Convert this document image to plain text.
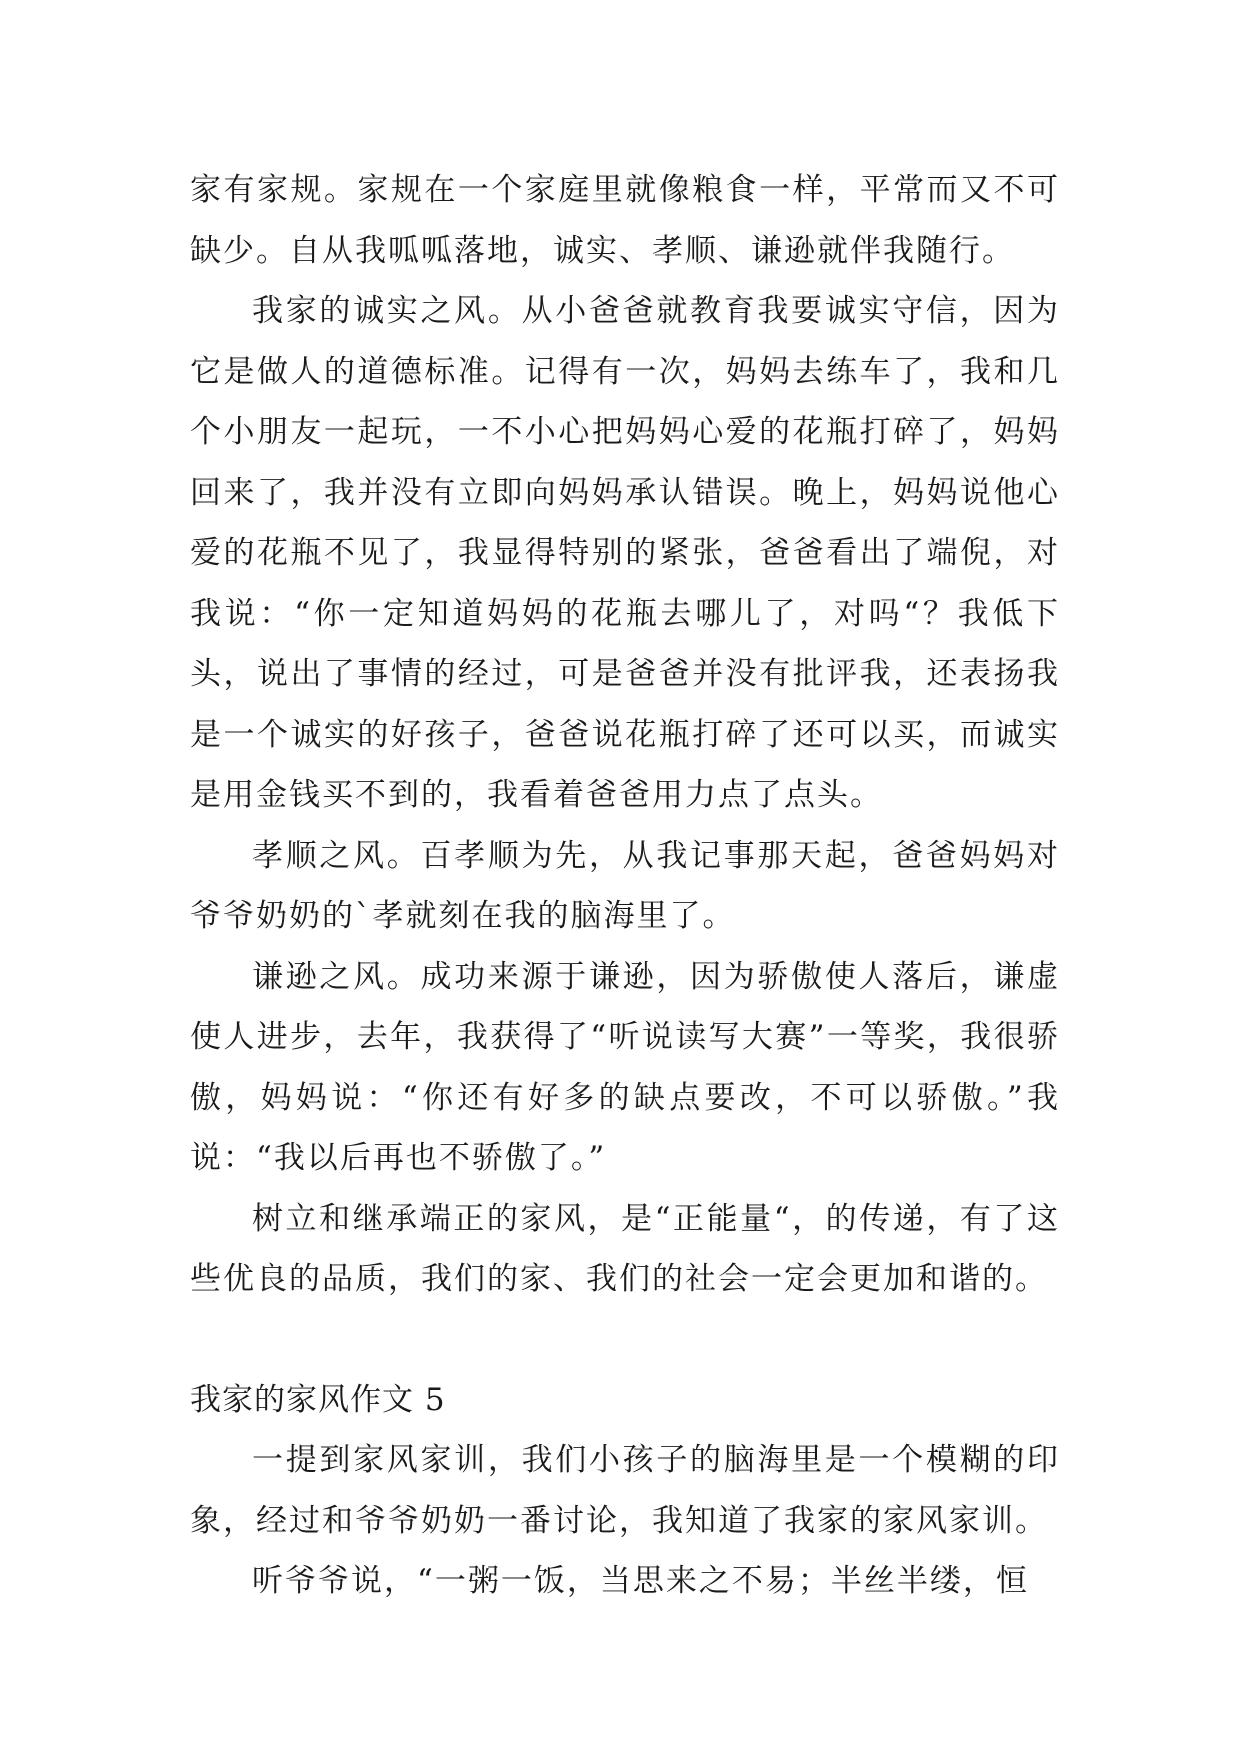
家有家规。家规在一个家庭里就像粮食一样，平常而又不可缺少。自从我呱呱落地，诚实、孝顺、谦逊就伴我随行。

我家的诚实之风。从小爸爸就教育我要诚实守信，因为它是做人的道德标准。记得有一次，妈妈去练车了，我和几个小朋友一起玩，一不小心把妈妈心爱的花瓶打碎了，妈妈回来了，我并没有立即向妈妈承认错误。晚上，妈妈说他心爱的花瓶不见了，我显得特别的紧张，爸爸看出了端倪，对我说：“你一定知道妈妈的花瓶去哪儿了，对吗“？我低下头，说出了事情的经过，可是爸爸并没有批评我，还表扬我是一个诚实的好孩子，爸爸说花瓶打碎了还可以买，而诚实是用金钱买不到的，我看着爸爸用力点了点头。

孝顺之风。百孝顺为先，从我记事那天起，爸爸妈妈对爷爷奶奶的`孝就刻在我的脑海里了。

谦逊之风。成功来源于谦逊，因为骄傲使人落后，谦虚使人进步，去年，我获得了“听说读写大赛”一等奖，我很骄傲，妈妈说：“你还有好多的缺点要改，不可以骄傲。”我说：“我以后再也不骄傲了。”

树立和继承端正的家风，是“正能量“，的传递，有了这些优良的品质，我们的家、我们的社会一定会更加和谐的。

我家的家风作文 5

一提到家风家训，我们小孩子的脑海里是一个模糊的印象，经过和爷爷奶奶一番讨论，我知道了我家的家风家训。

听爷爷说，“一粥一饭，当思来之不易；半丝半缕，恒
